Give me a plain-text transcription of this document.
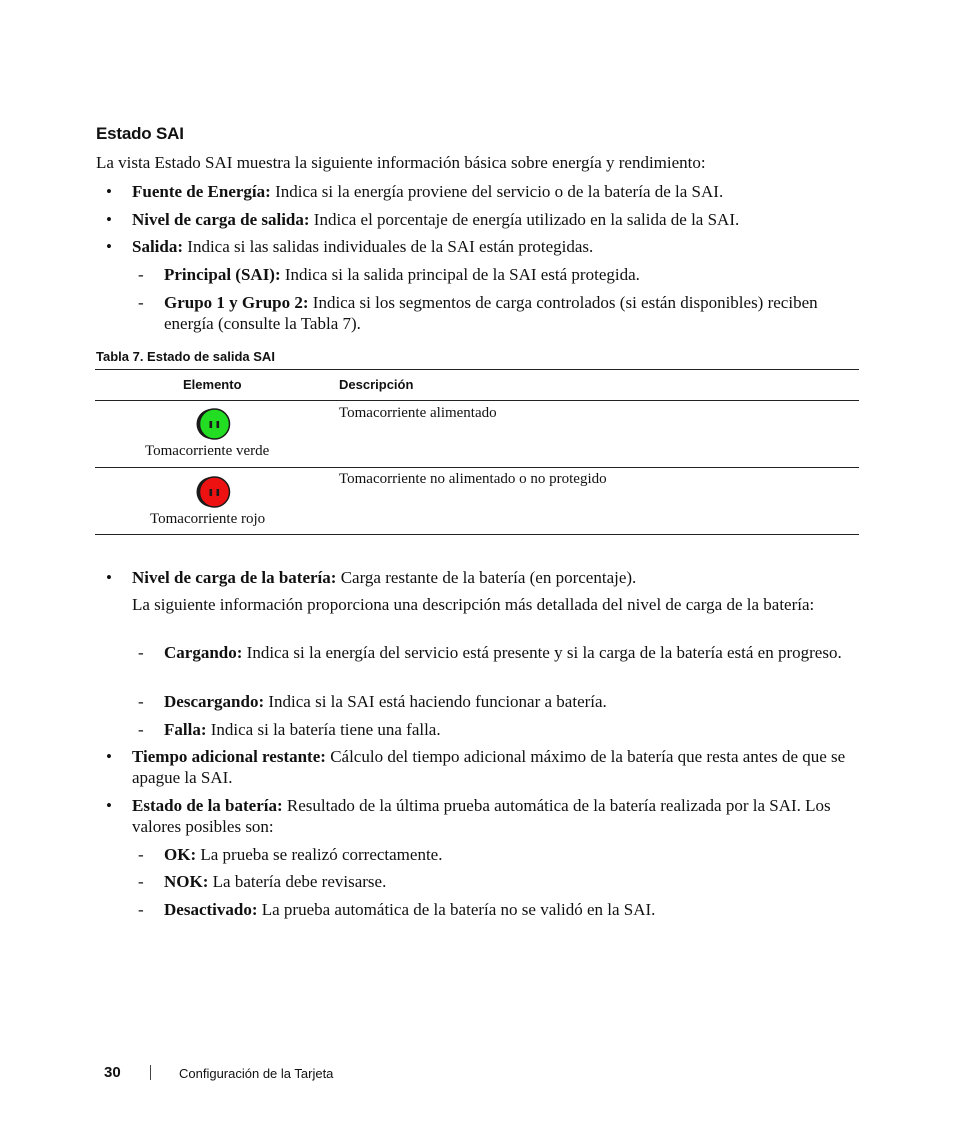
Estado SAI
La vista Estado SAI muestra la siguiente información básica sobre energía y rendimiento:
• Fuente de Energía: Indica si la energía proviene del servicio o de la batería de la SAI.
• Nivel de carga de salida: Indica el porcentaje de energía utilizado en la salida de la SAI.
• Salida: Indica si las salidas individuales de la SAI están protegidas.
- Principal (SAI): Indica si la salida principal de la SAI está protegida.
- Grupo 1 y Grupo 2: Indica si los segmentos de carga controlados (si están disponibles) reciben energía (consulte la Tabla 7).
Tabla 7. Estado de salida SAI
Elemento	Descripción
Tomacorriente verde
Tomacorriente alimentado
Tomacorriente rojo
Tomacorriente no alimentado o no protegido
• Nivel de carga de la batería: Carga restante de la batería (en porcentaje).
La siguiente información proporciona una descripción más detallada del nivel de carga de la batería:
- Cargando: Indica si la energía del servicio está presente y si la carga de la batería está en progreso.
- Descargando: Indica si la SAI está haciendo funcionar a batería.
- Falla: Indica si la batería tiene una falla.
• Tiempo adicional restante: Cálculo del tiempo adicional máximo de la batería que resta antes de que se apague la SAI.
• Estado de la batería: Resultado de la última prueba automática de la batería realizada por la SAI. Los valores posibles son:
- OK: La prueba se realizó correctamente.
- NOK: La batería debe revisarse.
- Desactivado: La prueba automática de la batería no se validó en la SAI.
30	Configuración de la Tarjeta
